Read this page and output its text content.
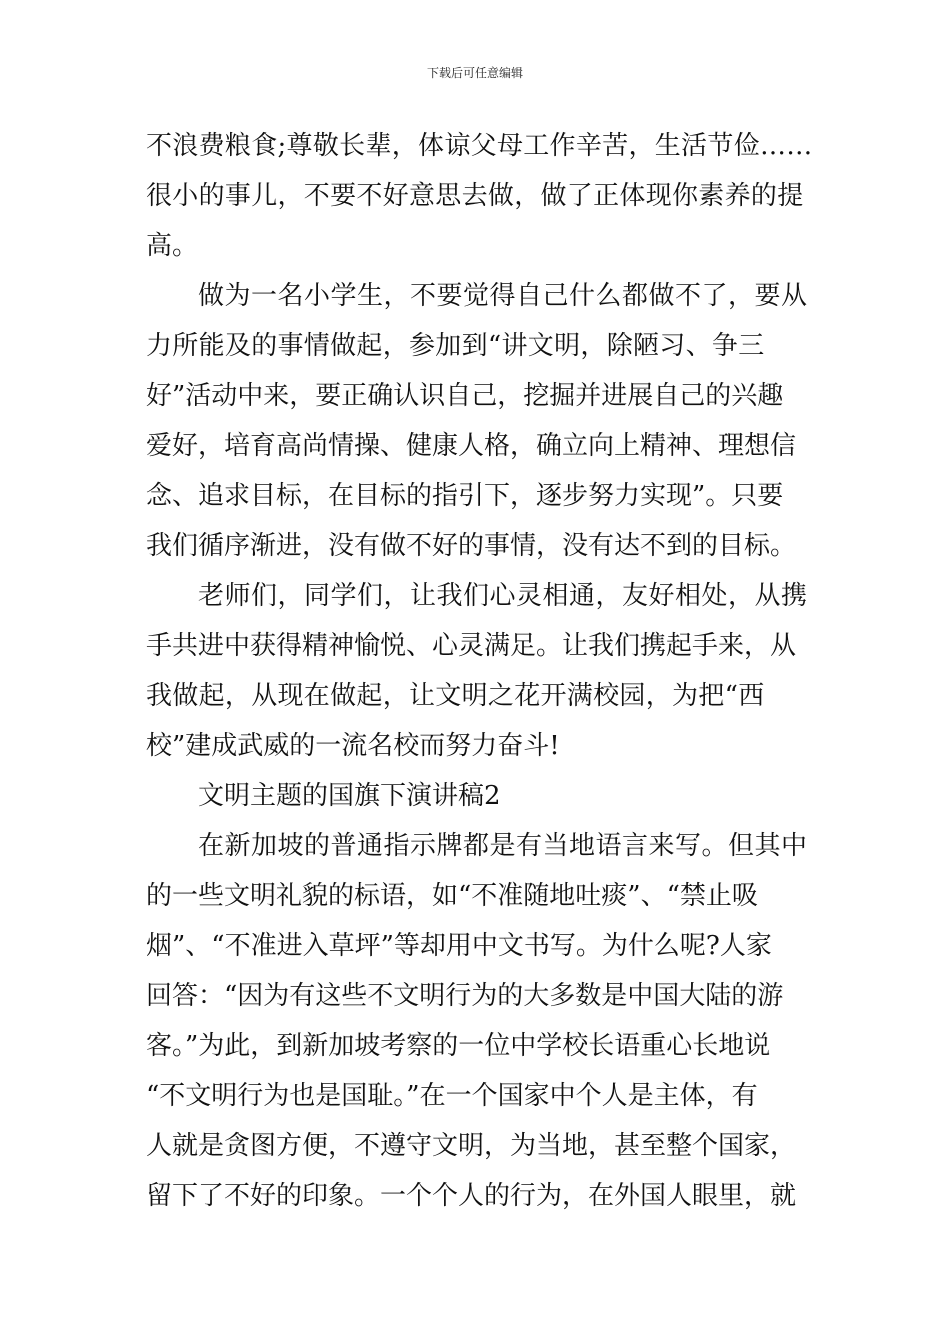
下载后可任意编辑
不浪费粮食;尊敬长辈，体谅父母工作辛苦，生活节俭……
很小的事儿，不要不好意思去做，做了正体现你素养的提
高。
做为一名小学生，不要觉得自己什么都做不了，要从
力所能及的事情做起，参加到“讲文明，除陋习、争三
好”活动中来，要正确认识自己，挖掘并进展自己的兴趣
爱好，培育高尚情操、健康人格，确立向上精神、理想信
念、追求目标，在目标的指引下，逐步努力实现”。只要
我们循序渐进，没有做不好的事情，没有达不到的目标。
老师们，同学们，让我们心灵相通，友好相处，从携
手共进中获得精神愉悦、心灵满足。让我们携起手来，从
我做起，从现在做起，让文明之花开满校园，为把“西
校”建成武威的一流名校而努力奋斗!
文明主题的国旗下演讲稿2
在新加坡的普通指示牌都是有当地语言来写。但其中
的一些文明礼貌的标语，如“不准随地吐痰”、“禁止吸
烟”、“不准进入草坪”等却用中文书写。为什么呢?人家
回答：“因为有这些不文明行为的大多数是中国大陆的游
客。”为此，到新加坡考察的一位中学校长语重心长地说
“不文明行为也是国耻。”在一个国家中个人是主体，有
人就是贪图方便，不遵守文明，为当地，甚至整个国家，
留下了不好的印象。一个个人的行为，在外国人眼里，就
